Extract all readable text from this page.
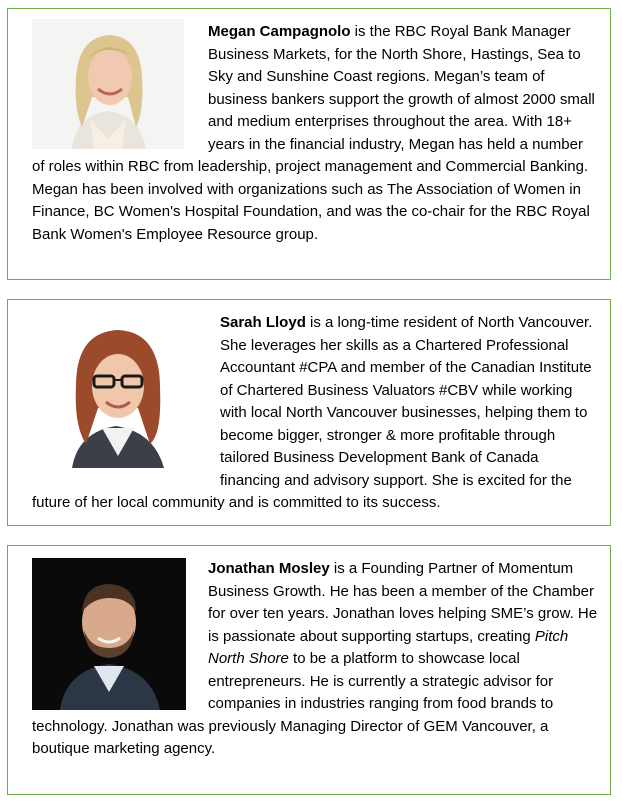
Megan Campagnolo is the RBC Royal Bank Manager Business Markets, for the North Shore, Hastings, Sea to Sky and Sunshine Coast regions. Megan’s team of business bankers support the growth of almost 2000 small and medium enterprises throughout the area. With 18+ years in the financial industry, Megan has held a number of roles within RBC from leadership, project management and Commercial Banking. Megan has been involved with organizations such as The Association of Women in Finance, BC Women's Hospital Foundation, and was the co-chair for the RBC Royal Bank Women's Employee Resource group.

Sarah Lloyd is a long-time resident of North Vancouver. She leverages her skills as a Chartered Professional Accountant #CPA and member of the Canadian Institute of Chartered Business Valuators #CBV while working with local North Vancouver businesses, helping them to become bigger, stronger & more profitable through tailored Business Development Bank of Canada financing and advisory support. She is excited for the future of her local community and is committed to its success.

Jonathan Mosley is a Founding Partner of Momentum Business Growth. He has been a member of the Chamber for over ten years. Jonathan loves helping SME’s grow. He is passionate about supporting startups, creating Pitch North Shore to be a platform to showcase local entrepreneurs. He is currently a strategic advisor for companies in industries ranging from food brands to technology. Jonathan was previously Managing Director of GEM Vancouver, a boutique marketing agency.
